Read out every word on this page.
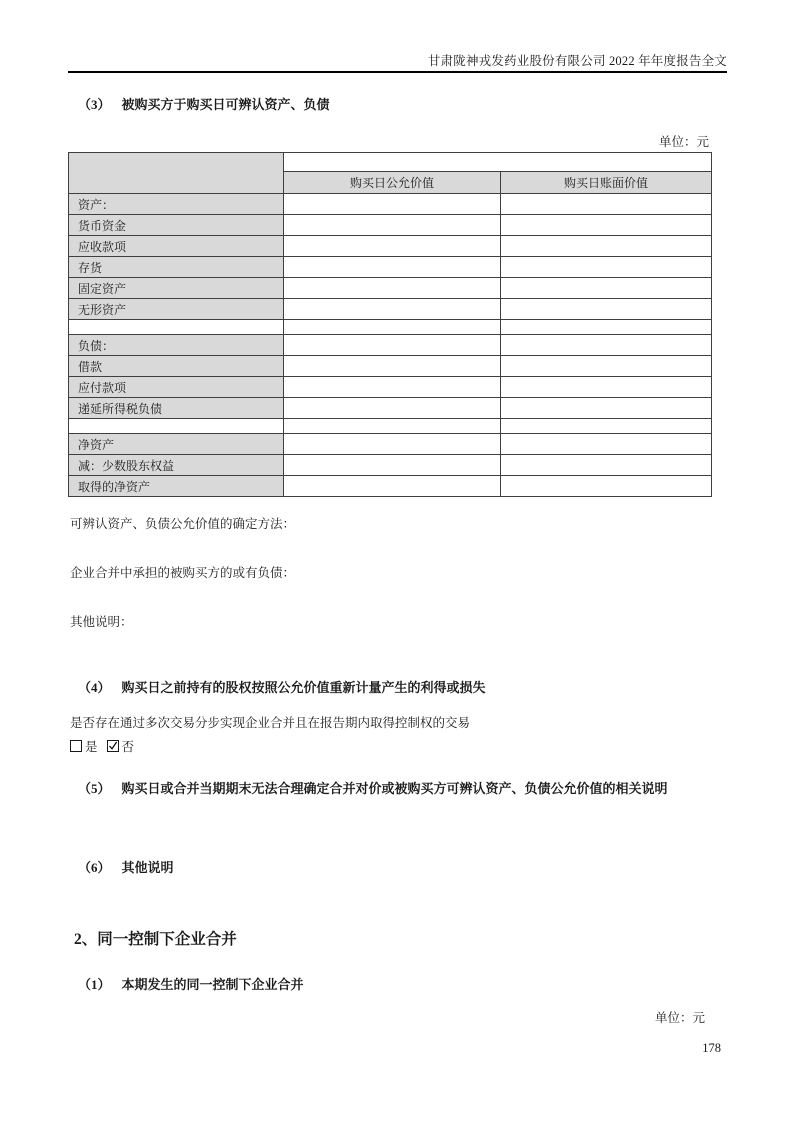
甘肃陇神戎发药业股份有限公司 2022 年年度报告全文
（3） 被购买方于购买日可辨认资产、负债
单位：元

	购买日公允价值	购买日账面价值
资产：		
货币资金		
应收款项		
存货		
固定资产		
无形资产		

负债：		
借款		
应付款项		
递延所得税负债		

净资产		
减：少数股东权益		
取得的净资产		
可辨认资产、负债公允价值的确定方法：
企业合并中承担的被购买方的或有负债：
其他说明：
（4） 购买日之前持有的股权按照公允价值重新计量产生的利得或损失
是否存在通过多次交易分步实现企业合并且在报告期内取得控制权的交易
是 否
（5） 购买日或合并当期期末无法合理确定合并对价或被购买方可辨认资产、负债公允价值的相关说明
（6） 其他说明
2、同一控制下企业合并
（1） 本期发生的同一控制下企业合并
单位：元
178
